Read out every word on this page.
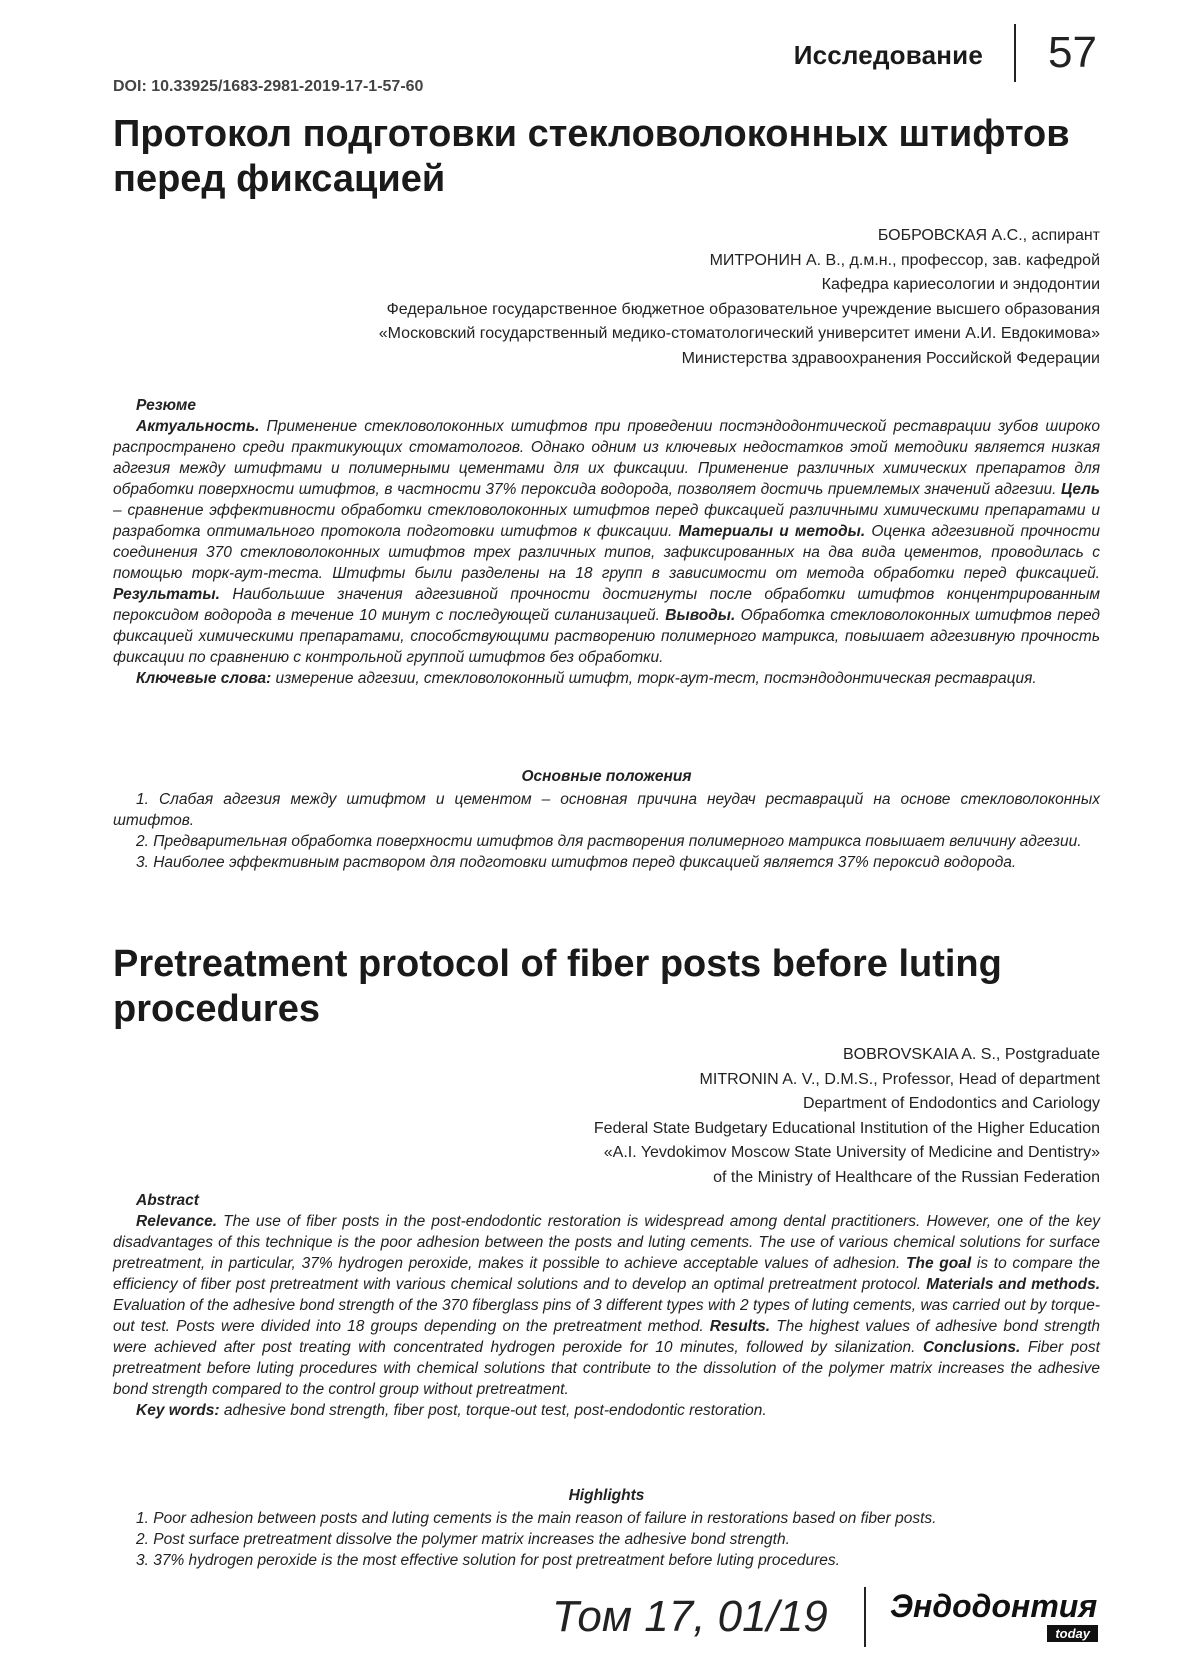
Исследование 57
DOI: 10.33925/1683-2981-2019-17-1-57-60
Протокол подготовки стекловолоконных штифтов перед фиксацией
БОБРОВСКАЯ А.С., аспирант
МИТРОНИН А. В., д.м.н., профессор, зав. кафедрой
Кафедра кариесологии и эндодонтии
Федеральное государственное бюджетное образовательное учреждение высшего образования
«Московский государственный медико-стоматологический университет имени А.И. Евдокимова»
Министерства здравоохранения Российской Федерации
Резюме

Актуальность. Применение стекловолоконных штифтов при проведении постэндодонтической реставрации зубов широко распространено среди практикующих стоматологов. Однако одним из ключевых недостатков этой методики является низкая адгезия между штифтами и полимерными цементами для их фиксации. Применение различных химических препаратов для обработки поверхности штифтов, в частности 37% пероксида водорода, позволяет достичь приемлемых значений адгезии. Цель – сравнение эффективности обработки стекловолоконных штифтов перед фиксацией различными химическими препаратами и разработка оптимального протокола подготовки штифтов к фиксации. Материалы и методы. Оценка адгезивной прочности соединения 370 стекловолоконных штифтов трех различных типов, зафиксированных на два вида цементов, проводилась с помощью торк-аут-теста. Штифты были разделены на 18 групп в зависимости от метода обработки перед фиксацией. Результаты. Наибольшие значения адгезивной прочности достигнуты после обработки штифтов концентрированным пероксидом водорода в течение 10 минут с последующей силанизацией. Выводы. Обработка стекловолоконных штифтов перед фиксацией химическими препаратами, способствующими растворению полимерного матрикса, повышает адгезивную прочность фиксации по сравнению с контрольной группой штифтов без обработки.

Ключевые слова: измерение адгезии, стекловолоконный штифт, торк-аут-тест, постэндодонтическая реставрация.

Основные положения

1. Слабая адгезия между штифтом и цементом – основная причина неудач реставраций на основе стекловолоконных штифтов.

2. Предварительная обработка поверхности штифтов для растворения полимерного матрикса повышает величину адгезии.

3. Наиболее эффективным раствором для подготовки штифтов перед фиксацией является 37% пероксид водорода.

Pretreatment protocol of fiber posts before luting procedures
BOBROVSKAIA A. S., Postgraduate
MITRONIN A. V., D.M.S., Professor, Head of department
Department of Endodontics and Cariology
Federal State Budgetary Educational Institution of the Higher Education
«A.I. Yevdokimov Moscow State University of Medicine and Dentistry»
of the Ministry of Healthcare of the Russian Federation
Abstract

Relevance. The use of fiber posts in the post-endodontic restoration is widespread among dental practitioners. However, one of the key disadvantages of this technique is the poor adhesion between the posts and luting cements. The use of various chemical solutions for surface pretreatment, in particular, 37% hydrogen peroxide, makes it possible to achieve acceptable values of adhesion. The goal is to compare the efficiency of fiber post pretreatment with various chemical solutions and to develop an optimal pretreatment protocol. Materials and methods. Evaluation of the adhesive bond strength of the 370 fiberglass pins of 3 different types with 2 types of luting cements, was carried out by torque-out test. Posts were divided into 18 groups depending on the pretreatment method. Results. The highest values of adhesive bond strength were achieved after post treating with concentrated hydrogen peroxide for 10 minutes, followed by silanization. Conclusions. Fiber post pretreatment before luting procedures with chemical solutions that contribute to the dissolution of the polymer matrix increases the adhesive bond strength compared to the control group without pretreatment.

Key words: adhesive bond strength, fiber post, torque-out test, post-endodontic restoration.

Highlights

1. Poor adhesion between posts and luting cements is the main reason of failure in restorations based on fiber posts.

2. Post surface pretreatment dissolve the polymer matrix increases the adhesive bond strength.

3. 37% hydrogen peroxide is the most effective solution for post pretreatment before luting procedures.

Том 17, 01/19 Эндодонтия
today
